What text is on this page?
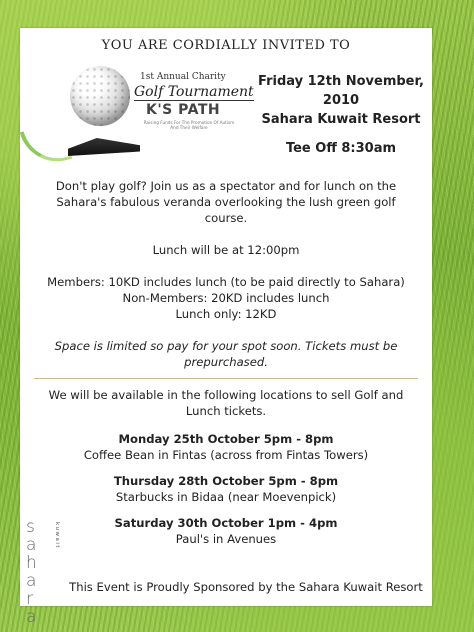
YOU ARE CORDIALLY INVITED TO
1st Annual Charity
Golf Tournament
K'S PATH
Raising Funds For The Promotion Of Autism And Their Welfare
Friday 12th November, 2010
Sahara Kuwait Resort
Tee Off 8:30am

Don't play golf? Join us as a spectator and for lunch on the Sahara's fabulous veranda overlooking the lush green golf course.

Lunch will be at 12:00pm

Members: 10KD includes lunch (to be paid directly to Sahara)

Non-Members: 20KD includes lunch

Lunch only: 12KD

Space is limited so pay for your spot soon. Tickets must be prepurchased.

We will be available in the following locations to sell Golf and Lunch tickets.

Monday 25th October 5pm - 8pm

Coffee Bean in Fintas (across from Fintas Towers)

Thursday 28th October 5pm - 8pm

Starbucks in Bidaa (near Moevenpick)

Saturday 30th October 1pm - 4pm

Paul's in Avenues

s
a
h
a
r
a
kuwait
This Event is Proudly Sponsored by the Sahara Kuwait Resort
